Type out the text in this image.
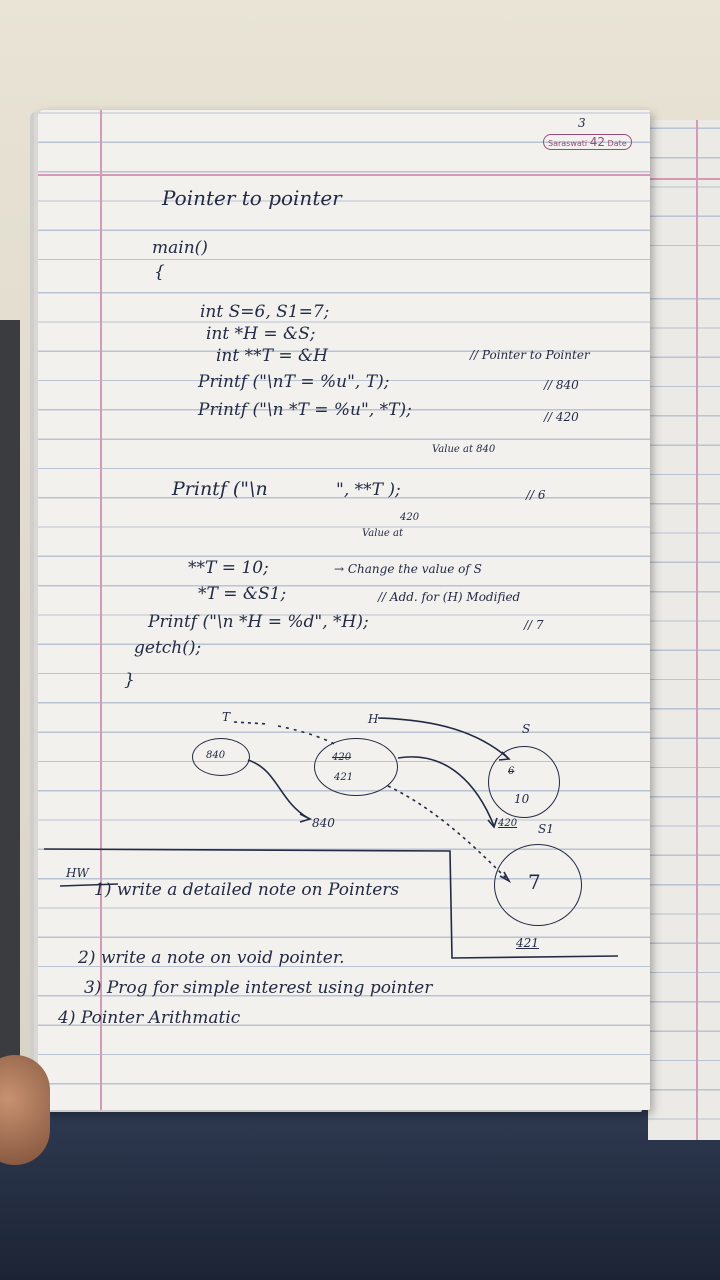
3
Saraswati 42 Date
Pointer to pointer
main()
{
int S=6, S1=7;
int *H = &S;
int **T = &H	// Pointer to Pointer
Printf ("\nT = %u", T);	// 840
Printf ("\n *T = %u", *T);	// 420
Value at 840
Printf ("\n	", **T );	// 6
420
Value at
**T = 10;	→ Change the value of S
*T = &S1;	// Add. for (H) Modified
Printf ("\n *H = %d", *H);	// 7
getch();
}
T	H
S
840
840
420
421
6
10
420 S1
7
421
HW
1) write a detailed note on Pointers
2) write a note on void pointer.
3) Prog for simple interest using pointer
4) Pointer Arithmatic
